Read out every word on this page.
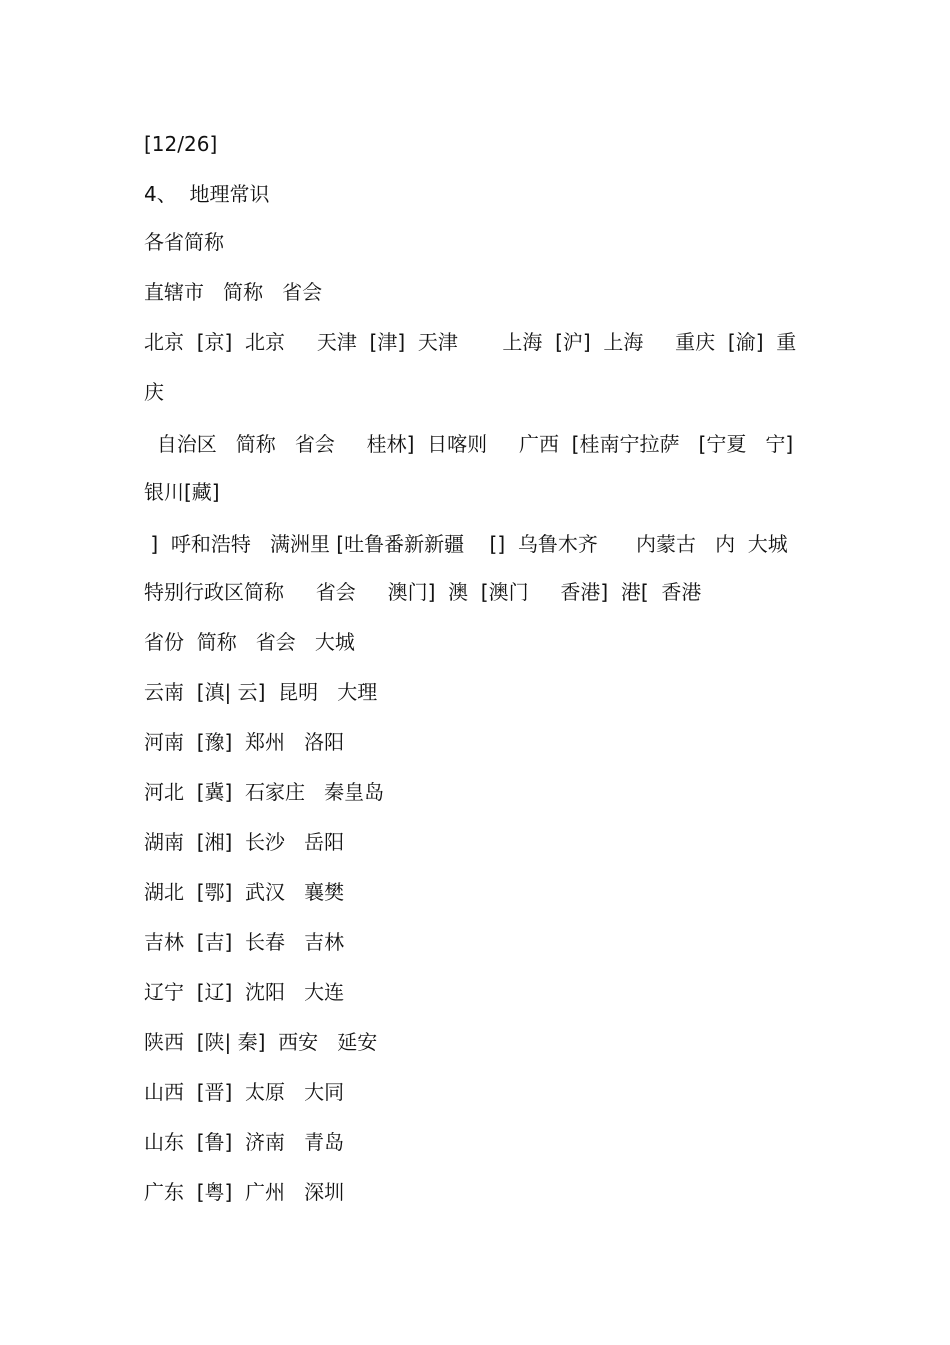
[12/26]
4、  地理常识
各省简称
直辖市   简称   省会
北京  [京]  北京     天津  [津]  天津       上海  [沪]  上海     重庆  [渝]  重
庆
自治区   简称   省会     桂林]  日喀则     广西  [桂南宁拉萨   [宁夏   宁]
银川[藏]
]  呼和浩特   满洲里 [吐鲁番新新疆    []  乌鲁木齐      内蒙古   内  大城
特别行政区简称     省会     澳门]  澳  [澳门     香港]  港[  香港
省份  简称   省会   大城
云南  [滇| 云]  昆明   大理
河南  [豫]  郑州   洛阳
河北  [冀]  石家庄   秦皇岛
湖南  [湘]  长沙   岳阳
湖北  [鄂]  武汉   襄樊
吉林  [吉]  长春   吉林
辽宁  [辽]  沈阳   大连
陕西  [陕| 秦]  西安   延安
山西  [晋]  太原   大同
山东  [鲁]  济南   青岛
广东  [粤]  广州   深圳
